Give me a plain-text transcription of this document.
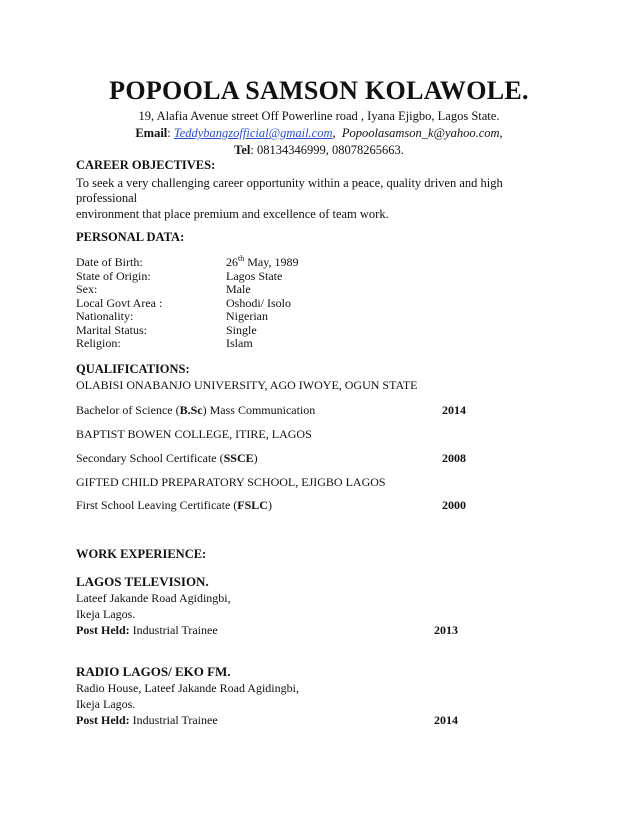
POPOOLA SAMSON KOLAWOLE.
19, Alafia Avenue street Off Powerline road , Iyana Ejigbo, Lagos State.
Email: Teddybangzofficial@gmail.com,  Popoolasamson_k@yahoo.com,
Tel: 08134346999, 08078265663.
CAREER OBJECTIVES:
To seek a very challenging career opportunity within a peace, quality driven and high professional
environment that place premium and excellence of team work.
PERSONAL DATA:
Date of Birth:	26th May, 1989
State of Origin:	Lagos State
Sex:	Male
Local Govt Area :	Oshodi/ Isolo
Nationality:	Nigerian
Marital Status:	Single
Religion:	Islam
QUALIFICATIONS:
OLABISI ONABANJO UNIVERSITY, AGO IWOYE, OGUN STATE
Bachelor of Science (B.Sc) Mass Communication	2014
BAPTIST BOWEN COLLEGE, ITIRE, LAGOS
Secondary School Certificate (SSCE)	2008
GIFTED CHILD PREPARATORY SCHOOL, EJIGBO LAGOS
First School Leaving Certificate (FSLC)	2000
WORK EXPERIENCE:
LAGOS TELEVISION.
Lateef Jakande Road Agidingbi,
Ikeja Lagos.
Post Held: Industrial Trainee	2013
RADIO LAGOS/ EKO FM.
Radio House, Lateef Jakande Road Agidingbi,
Ikeja Lagos.
Post Held: Industrial Trainee	2014
